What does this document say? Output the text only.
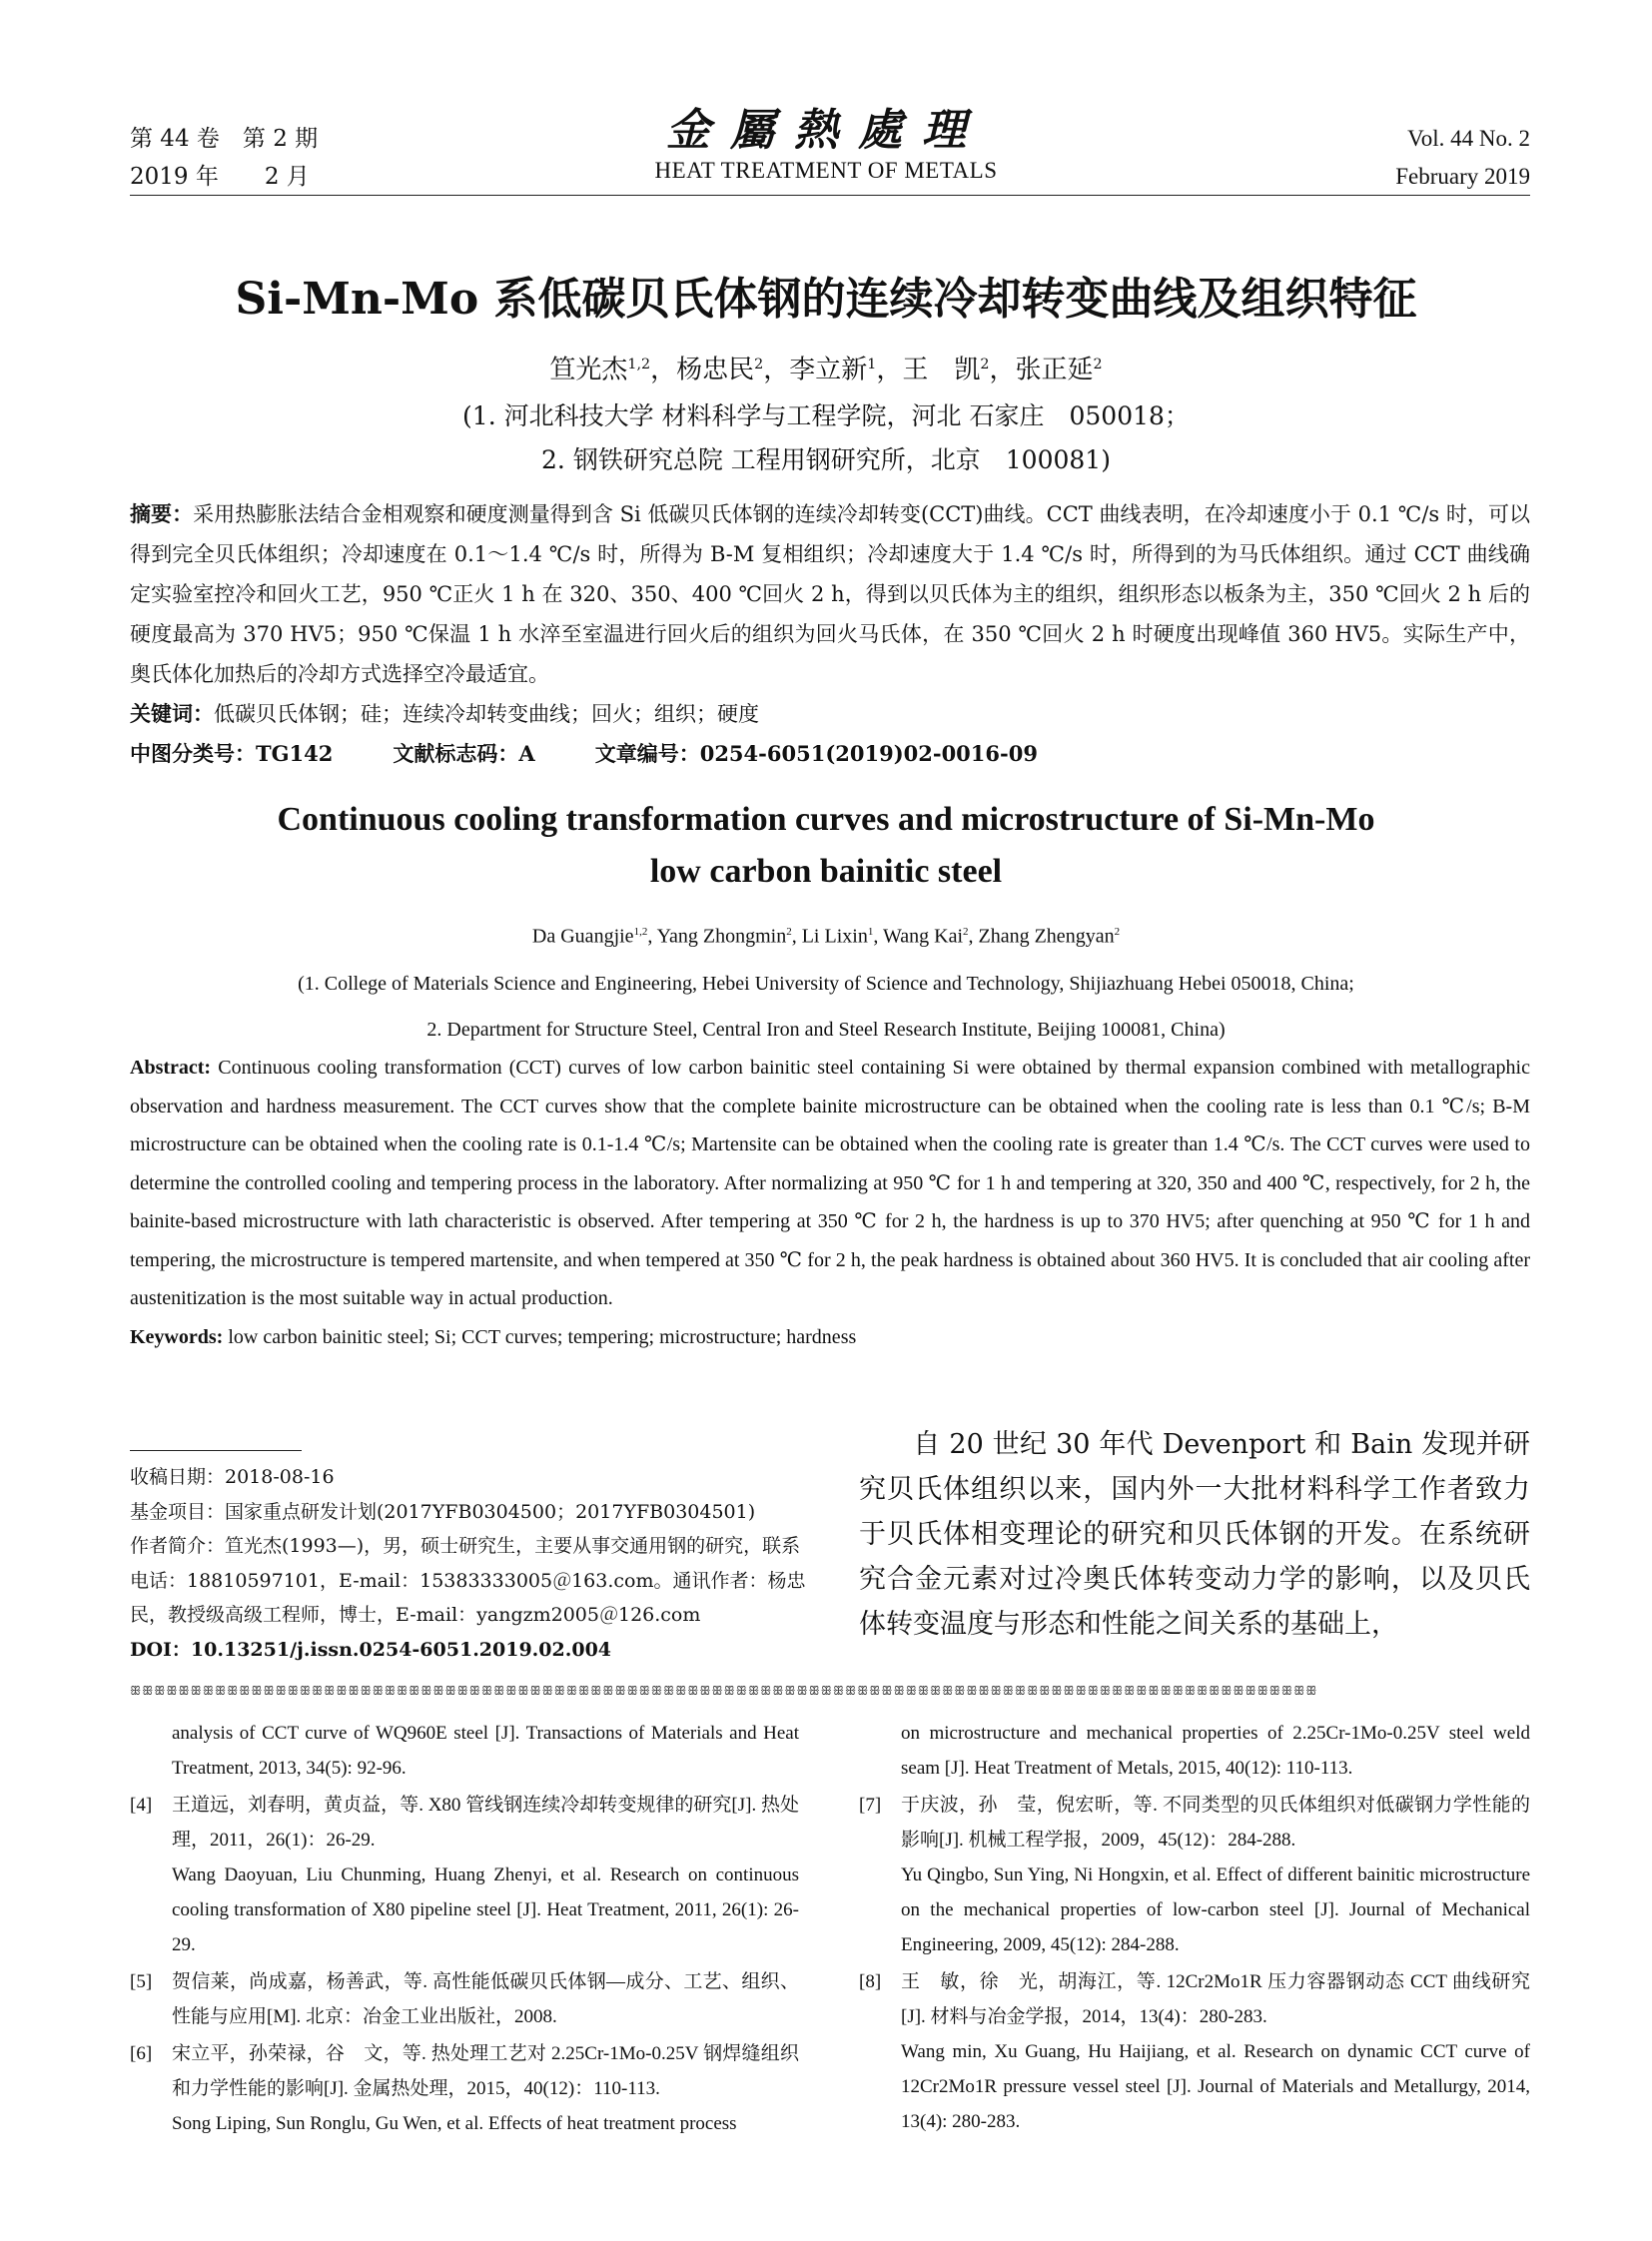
第 44 卷　第 2 期
2019 年　　2 月
金屬熱處理
HEAT TREATMENT OF METALS
Vol. 44 No. 2
February 2019
Si-Mn-Mo 系低碳贝氏体钢的连续冷却转变曲线及组织特征
笪光杰$^{1,2}$，杨忠民$^2$，李立新$^1$，王　凯$^2$，张正延$^2$
(1. 河北科技大学 材料科学与工程学院，河北 石家庄　050018；
2. 钢铁研究总院 工程用钢研究所，北京　100081)

摘要：采用热膨胀法结合金相观察和硬度测量得到含 Si 低碳贝氏体钢的连续冷却转变(CCT)曲线。CCT 曲线表明，在冷却速度小于 0.1 ℃/s 时，可以得到完全贝氏体组织；冷却速度在 0.1～1.4 ℃/s 时，所得为 B-M 复相组织；冷却速度大于 1.4 ℃/s 时，所得到的为马氏体组织。通过 CCT 曲线确定实验室控冷和回火工艺，950 ℃正火 1 h 在 320、350、400 ℃回火 2 h，得到以贝氏体为主的组织，组织形态以板条为主，350 ℃回火 2 h 后的硬度最高为 370 HV5；950 ℃保温 1 h 水淬至室温进行回火后的组织为回火马氏体，在 350 ℃回火 2 h 时硬度出现峰值 360 HV5。实际生产中，奥氏体化加热后的冷却方式选择空冷最适宜。

关键词：低碳贝氏体钢；硅；连续冷却转变曲线；回火；组织；硬度

中图分类号：TG142	文献标志码：A	文章编号：0254-6051(2019)02-0016-09

Continuous cooling transformation curves and microstructure of Si-Mn-Mo
low carbon bainitic steel
Da Guangjie$^{1,2}$, Yang Zhongmin$^2$, Li Lixin$^1$, Wang Kai$^2$, Zhang Zhengyan$^2$
(1. College of Materials Science and Engineering, Hebei University of Science and Technology, Shijiazhuang Hebei 050018, China;
2. Department for Structure Steel, Central Iron and Steel Research Institute, Beijing 100081, China)

Abstract: Continuous cooling transformation (CCT) curves of low carbon bainitic steel containing Si were obtained by thermal expansion combined with metallographic observation and hardness measurement. The CCT curves show that the complete bainite microstructure can be obtained when the cooling rate is less than 0.1 ℃/s; B-M microstructure can be obtained when the cooling rate is 0.1-1.4 ℃/s; Martensite can be obtained when the cooling rate is greater than 1.4 ℃/s. The CCT curves were used to determine the controlled cooling and tempering process in the laboratory. After normalizing at 950 ℃ for 1 h and tempering at 320, 350 and 400 ℃, respectively, for 2 h, the bainite-based microstructure with lath characteristic is observed. After tempering at 350 ℃ for 2 h, the hardness is up to 370 HV5; after quenching at 950 ℃ for 1 h and tempering, the microstructure is tempered martensite, and when tempered at 350 ℃ for 2 h, the peak hardness is obtained about 360 HV5. It is concluded that air cooling after austenitization is the most suitable way in actual production.

Keywords: low carbon bainitic steel; Si; CCT curves; tempering; microstructure; hardness

收稿日期：2018-08-16

基金项目：国家重点研发计划(2017YFB0304500；2017YFB0304501)

作者简介：笪光杰(1993—)，男，硕士研究生，主要从事交通用钢的研究，联系电话：18810597101，E-mail：15383333005＠163.com。通讯作者：杨忠民，教授级高级工程师，博士，E-mail：yangzm2005＠126.com

DOI：10.13251/j.issn.0254-6051.2019.02.004

自 20 世纪 30 年代 Devenport 和 Bain 发现并研究贝氏体组织以来，国内外一大批材料科学工作者致力于贝氏体相变理论的研究和贝氏体钢的开发。在系统研究合金元素对过冷奥氏体转变动力学的影响，以及贝氏体转变温度与形态和性能之间关系的基础上，
ꕥꕥꕥꕥꕥꕥꕥꕥꕥꕥꕥꕥꕥꕥꕥꕥꕥꕥꕥꕥꕥꕥꕥꕥꕥꕥꕥꕥꕥꕥꕥꕥꕥꕥꕥꕥꕥꕥꕥꕥꕥꕥꕥꕥꕥꕥꕥꕥꕥꕥꕥꕥꕥꕥꕥꕥꕥꕥꕥꕥꕥꕥꕥꕥꕥꕥꕥꕥꕥꕥꕥꕥꕥꕥꕥꕥꕥꕥꕥꕥꕥꕥꕥꕥꕥꕥꕥꕥꕥꕥꕥꕥꕥꕥꕥꕥꕥꕥ

analysis of CCT curve of WQ960E steel [J]. Transactions of Materials and Heat Treatment, 2013, 34(5): 92-96.

[4] 王道远，刘春明，黄贞益，等. X80 管线钢连续冷却转变规律的研究[J]. 热处理，2011，26(1)：26-29.

Wang Daoyuan, Liu Chunming, Huang Zhenyi, et al. Research on continuous cooling transformation of X80 pipeline steel [J]. Heat Treatment, 2011, 26(1): 26-29.

[5] 贺信莱，尚成嘉，杨善武，等. 高性能低碳贝氏体钢—成分、工艺、组织、性能与应用[M]. 北京：冶金工业出版社，2008.

[6] 宋立平，孙荣禄，谷　文，等. 热处理工艺对 2.25Cr-1Mo-0.25V 钢焊缝组织和力学性能的影响[J]. 金属热处理，2015，40(12)：110-113.

Song Liping, Sun Ronglu, Gu Wen, et al. Effects of heat treatment process

on microstructure and mechanical properties of 2.25Cr-1Mo-0.25V steel weld seam [J]. Heat Treatment of Metals, 2015, 40(12): 110-113.

[7] 于庆波，孙　莹，倪宏昕，等. 不同类型的贝氏体组织对低碳钢力学性能的影响[J]. 机械工程学报，2009，45(12)：284-288.

Yu Qingbo, Sun Ying, Ni Hongxin, et al. Effect of different bainitic microstructure on the mechanical properties of low-carbon steel [J]. Journal of Mechanical Engineering, 2009, 45(12): 284-288.

[8] 王　敏，徐　光，胡海江，等. 12Cr2Mo1R 压力容器钢动态 CCT 曲线研究[J]. 材料与冶金学报，2014，13(4)：280-283.

Wang min, Xu Guang, Hu Haijiang, et al. Research on dynamic CCT curve of 12Cr2Mo1R pressure vessel steel [J]. Journal of Materials and Metallurgy, 2014, 13(4): 280-283.
